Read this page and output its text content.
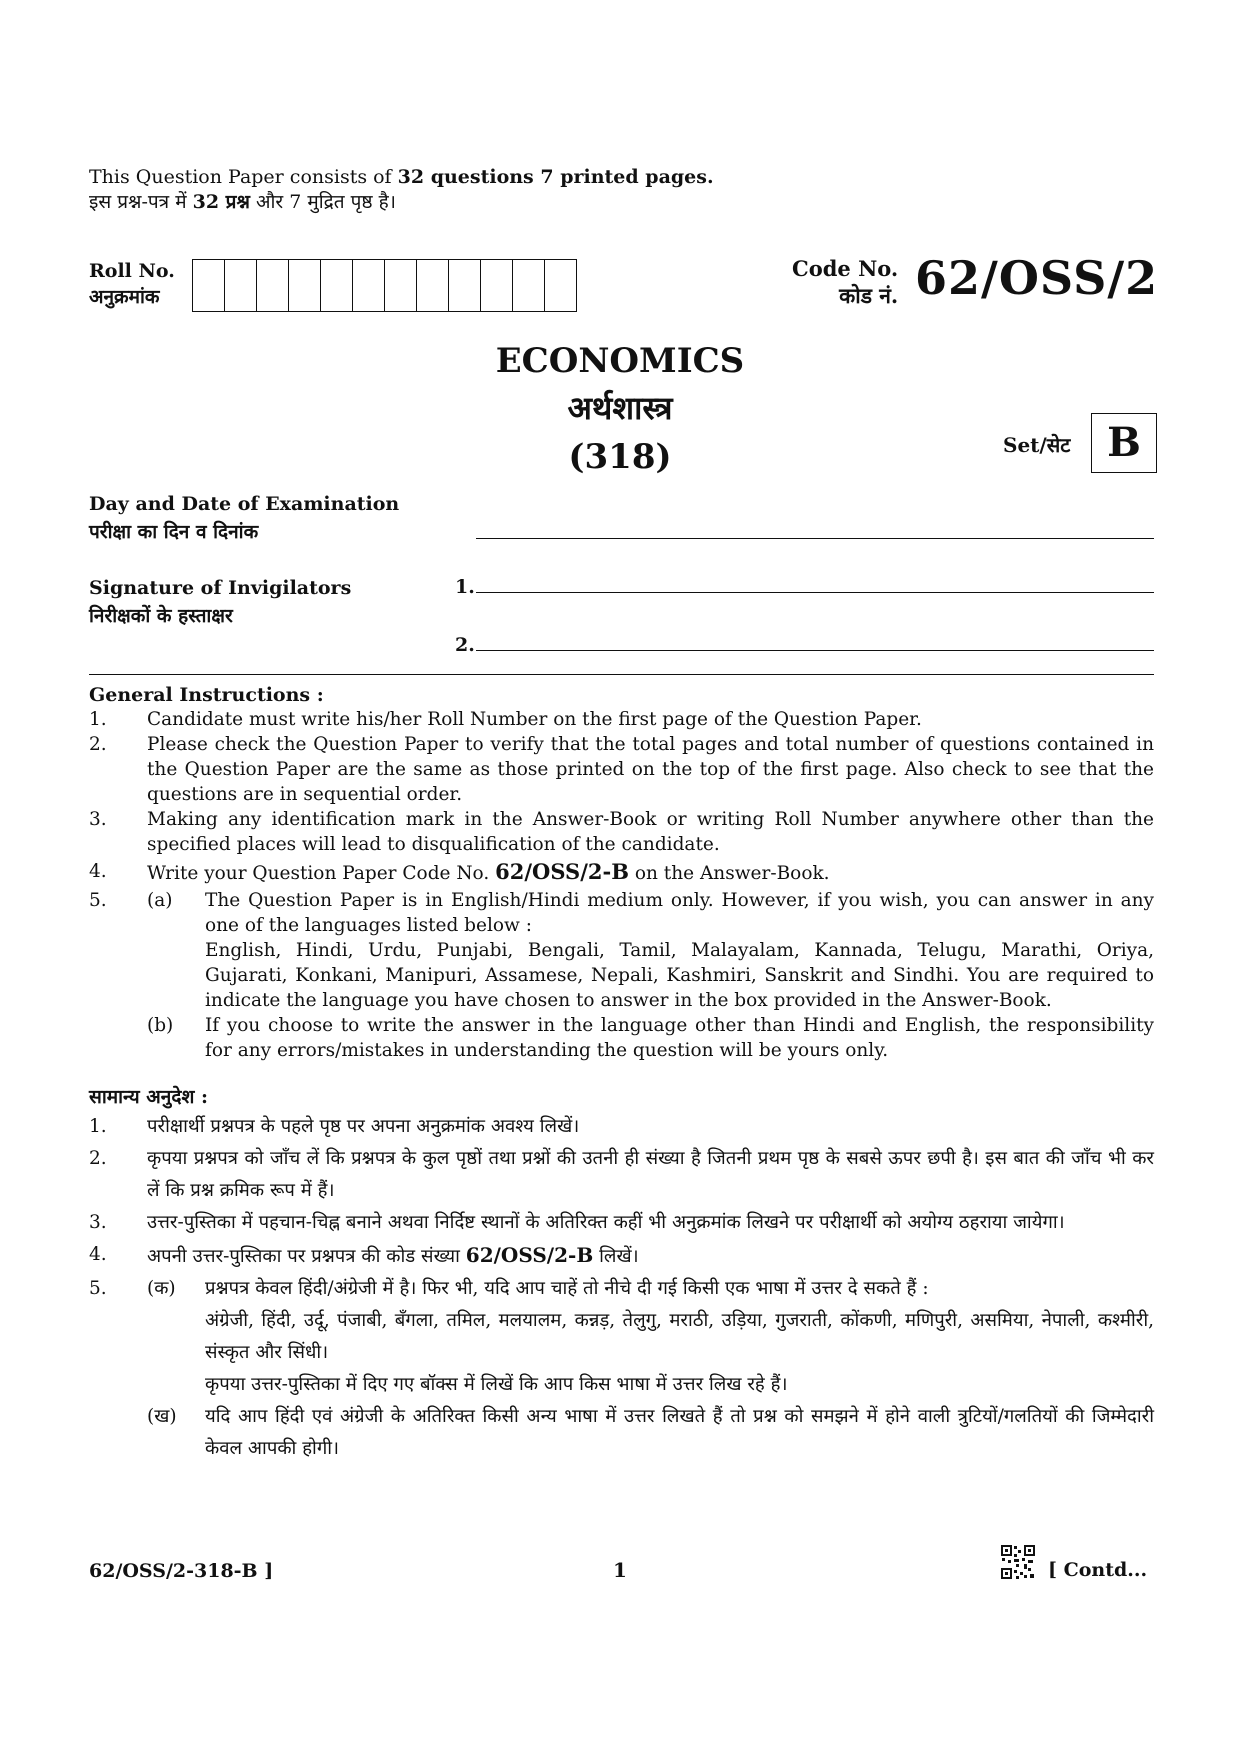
This Question Paper consists of 32 questions 7 printed pages.
इस प्रश्न-पत्र में 32 प्रश्न और 7 मुद्रित पृष्ठ है।
Roll No.
अनुक्रमांक
Code No.
कोड नं. 62/OSS/2
ECONOMICS
अर्थशास्त्र
(318)	Set/सेट B
Day and Date of Examination
परीक्षा का दिन व दिनांक
Signature of Invigilators
निरीक्षकों के हस्ताक्षर
1.
2.
General Instructions :
1. Candidate must write his/her Roll Number on the first page of the Question Paper.
2. Please check the Question Paper to verify that the total pages and total number of questions contained in the Question Paper are the same as those printed on the top of the first page. Also check to see that the questions are in sequential order.
3. Making any identification mark in the Answer-Book or writing Roll Number anywhere other than the specified places will lead to disqualification of the candidate.
4. Write your Question Paper Code No. 62/OSS/2-B on the Answer-Book.
5. (a) The Question Paper is in English/Hindi medium only. However, if you wish, you can answer in any one of the languages listed below :
English, Hindi, Urdu, Punjabi, Bengali, Tamil, Malayalam, Kannada, Telugu, Marathi, Oriya, Gujarati, Konkani, Manipuri, Assamese, Nepali, Kashmiri, Sanskrit and Sindhi. You are required to indicate the language you have chosen to answer in the box provided in the Answer-Book.
(b) If you choose to write the answer in the language other than Hindi and English, the responsibility for any errors/mistakes in understanding the question will be yours only.
सामान्य अनुदेश :
1. परीक्षार्थी प्रश्नपत्र के पहले पृष्ठ पर अपना अनुक्रमांक अवश्य लिखें।
2. कृपया प्रश्नपत्र को जाँच लें कि प्रश्नपत्र के कुल पृष्ठों तथा प्रश्नों की उतनी ही संख्या है जितनी प्रथम पृष्ठ के सबसे ऊपर छपी है। इस बात की जाँच भी कर लें कि प्रश्न क्रमिक रूप में हैं।
3. उत्तर-पुस्तिका में पहचान-चिह्न बनाने अथवा निर्दिष्ट स्थानों के अतिरिक्त कहीं भी अनुक्रमांक लिखने पर परीक्षार्थी को अयोग्य ठहराया जायेगा।
4. अपनी उत्तर-पुस्तिका पर प्रश्नपत्र की कोड संख्या 62/OSS/2-B लिखें।
5. (क) प्रश्नपत्र केवल हिंदी/अंग्रेजी में है। फिर भी, यदि आप चाहें तो नीचे दी गई किसी एक भाषा में उत्तर दे सकते हैं :
अंग्रेजी, हिंदी, उर्दू, पंजाबी, बँगला, तमिल, मलयालम, कन्नड़, तेलुगु, मराठी, उड़िया, गुजराती, कोंकणी, मणिपुरी, असमिया, नेपाली, कश्मीरी, संस्कृत और सिंधी।
कृपया उत्तर-पुस्तिका में दिए गए बॉक्स में लिखें कि आप किस भाषा में उत्तर लिख रहे हैं।
(ख) यदि आप हिंदी एवं अंग्रेजी के अतिरिक्त किसी अन्य भाषा में उत्तर लिखते हैं तो प्रश्न को समझने में होने वाली त्रुटियों/गलतियों की जिम्मेदारी केवल आपकी होगी।
62/OSS/2-318-B ]	1	[ Contd...
